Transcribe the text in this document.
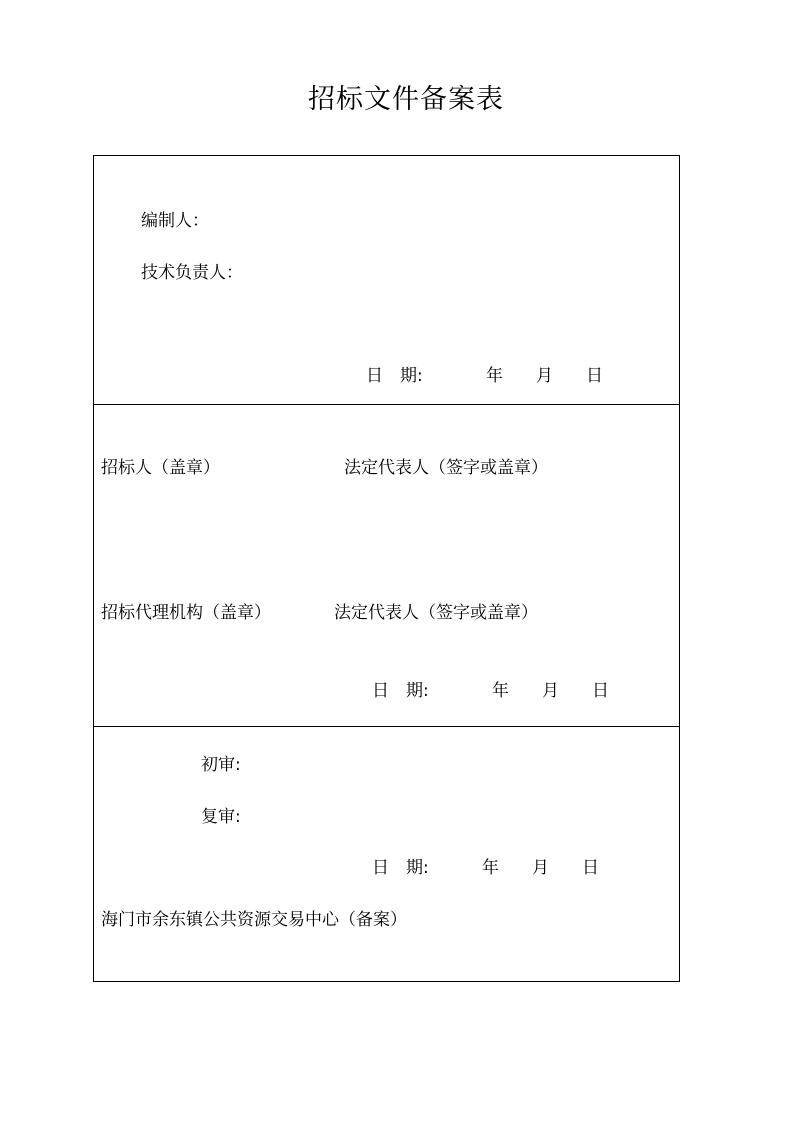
招标文件备案表
编制人：
技术负责人：
日　期:	年 月 日
招标人（盖章）	法定代表人（签字或盖章）
招标代理机构（盖章）	法定代表人（签字或盖章）
日　期:	年 月 日
初审:
复审:
日　期:	年 月 日
海门市余东镇公共资源交易中心（备案）
